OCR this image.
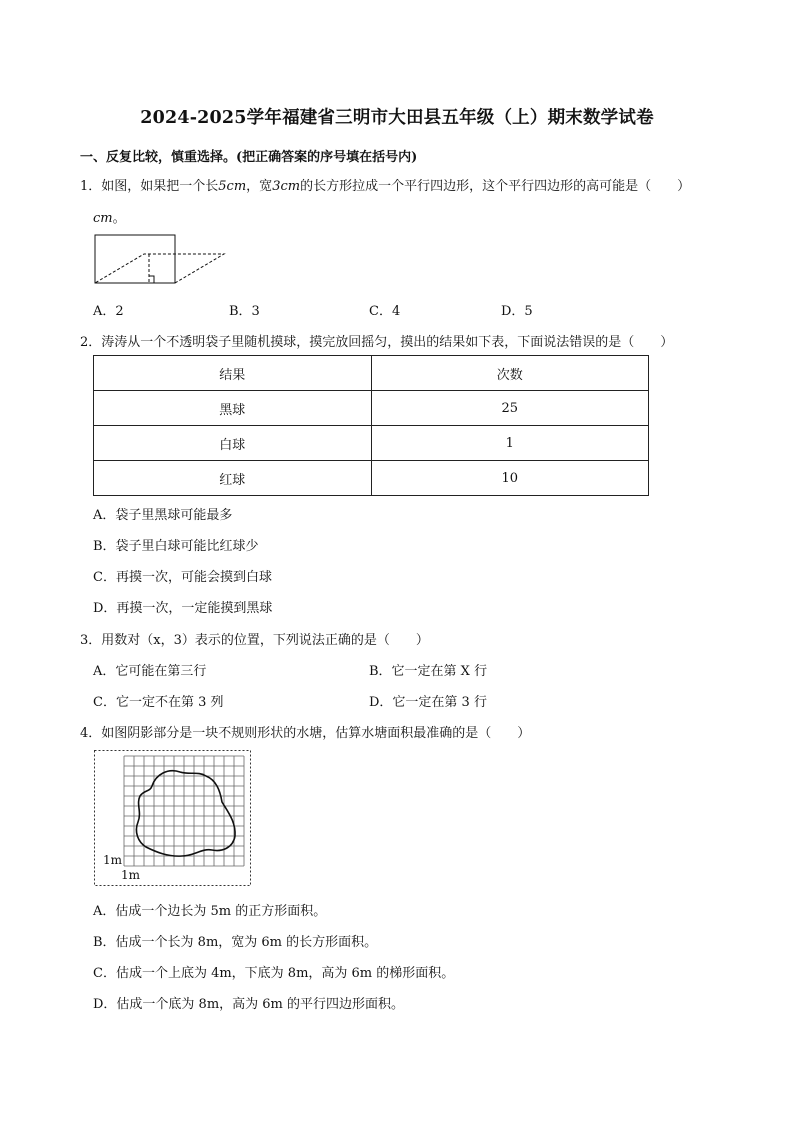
2024-2025学年福建省三明市大田县五年级（上）期末数学试卷
一、反复比较，慎重选择。(把正确答案的序号填在括号内)
1．如图，如果把一个长5cm，宽3cm的长方形拉成一个平行四边形，这个平行四边形的高可能是（　　）
cm。
A．2	B．3	C．4	D．5
2．涛涛从一个不透明袋子里随机摸球，摸完放回摇匀，摸出的结果如下表，下面说法错误的是（　　）
结果	次数
黑球	25
白球	1
红球	10
A．袋子里黑球可能最多
B．袋子里白球可能比红球少
C．再摸一次，可能会摸到白球
D．再摸一次，一定能摸到黑球
3．用数对（x，3）表示的位置，下列说法正确的是（　　）
A．它可能在第三行	B．它一定在第 X 行
C．它一定不在第 3 列	D．它一定在第 3 行
4．如图阴影部分是一块不规则形状的水塘，估算水塘面积最准确的是（　　）
1m
1m
A．估成一个边长为 5m 的正方形面积。
B．估成一个长为 8m，宽为 6m 的长方形面积。
C．估成一个上底为 4m，下底为 8m，高为 6m 的梯形面积。
D．估成一个底为 8m，高为 6m 的平行四边形面积。
